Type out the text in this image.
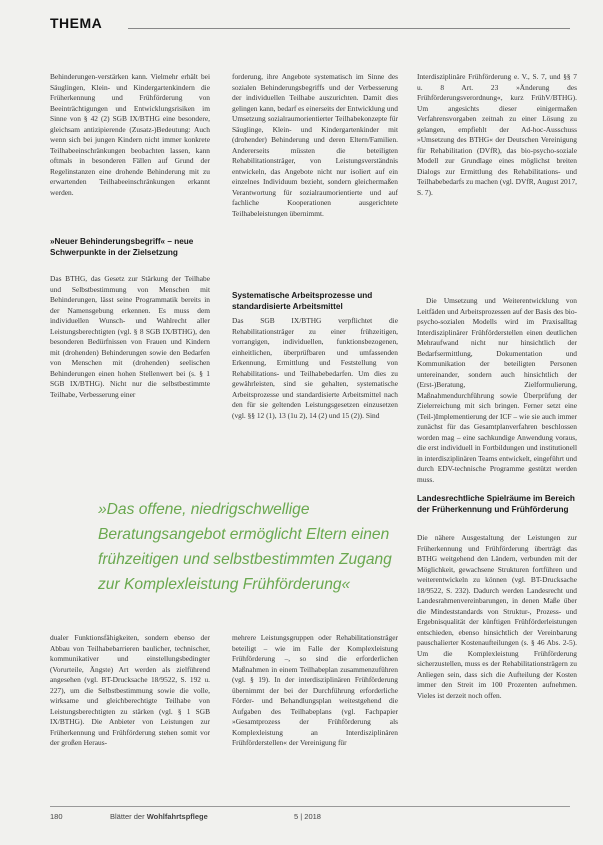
THEMA

Behinderungen-verstärken kann. Vielmehr erhält bei Säuglingen, Klein- und Kindergartenkindern die Früherkennung und Frühförderung von Beeinträchtigungen und Entwicklungsrisiken im Sinne von § 42 (2) SGB IX/BTHG eine besondere, gleichsam antizipierende (Zusatz-)Bedeutung: Auch wenn sich bei jungen Kindern nicht immer konkrete Teilhabeeinschränkungen beobachten lassen, kann oftmals in besonderen Fällen auf Grund der Regelinstanzen eine drohende Behinderung mit zu erwartenden Teilhabeeinschränkungen erkannt werden.

»Neuer Behinderungsbegriff« – neue Schwerpunkte in der Zielsetzung

Das BTHG, das Gesetz zur Stärkung der Teilhabe und Selbstbestimmung von Menschen mit Behinderungen, lässt seine Programmatik bereits in der Namensgebung erkennen. Es muss dem individuellen Wunsch- und Wahlrecht aller Leistungsberechtigten (vgl. § 8 SGB IX/BTHG), den besonderen Bedürfnissen von Frauen und Kindern mit (drohenden) Behinderungen sowie den Bedarfen von Menschen mit (drohenden) seelischen Behinderungen einen hohen Stellenwert bei (s. § 1 SGB IX/BTHG). Nicht nur die selbstbestimmte Teilhabe, Verbesserung einer

forderung, ihre Angebote systematisch im Sinne des sozialen Behinderungsbegriffs und der Verbesserung der individuellen Teilhabe auszurichten. Damit dies gelingen kann, bedarf es einerseits der Entwicklung und Umsetzung sozialraumorientierter Teilhabekonzepte für Säuglinge, Klein- und Kindergartenkinder mit (drohender) Behinderung und deren Eltern/Familien. Andererseits müssten die beteiligten Rehabilitationsträger, von Leistungsverständnis entwickeln, das Angebote nicht nur isoliert auf ein einzelnes Individuum bezieht, sondern gleichermaßen Verantwortung für sozialraumorientierte und auf fachliche Kooperationen ausgerichtete Teilhabeleistungen übernimmt.

Systematische Arbeitsprozesse und standardisierte Arbeitsmittel

Das SGB IX/BTHG verpflichtet die Rehabilitationsträger zu einer frühzeitigen, vorrangigen, individuellen, funktionsbezogenen, einheitlichen, überprüfbaren und umfassenden Erkennung, Ermittlung und Feststellung von Rehabilitations- und Teilhabebedarfen. Um dies zu gewährleisten, sind sie gehalten, systematische Arbeitsprozesse und standardisierte Arbeitsmittel nach den für sie geltenden Leistungsgesetzen einzusetzen (vgl. §§ 12 (1), 13 (1u 2), 14 (2) und 15 (2)). Sind

Interdisziplinäre Frühförderung e. V., S. 7, und §§ 7 u. 8 Art. 23 »Änderung des Frühförderungsverordnung«, kurz FrühV/BTHG). Um angesichts dieser einigermaßen Verfahrensvorgaben zeitnah zu einer Lösung zu gelangen, empfiehlt der Ad-hoc-Ausschuss »Umsetzung des BTHG« der Deutschen Vereinigung für Rehabilitation (DVfR), das bio-psycho-soziale Modell zur Grundlage eines möglichst breiten Dialogs zur Ermittlung des Rehabilitations- und Teilhabebedarfs zu machen (vgl. DVfR, August 2017, S. 7).

Die Umsetzung und Weiterentwicklung von Leitfäden und Arbeitsprozessen auf der Basis des bio-psycho-sozialen Modells wird im Praxisalltag Interdisziplinärer Frühförderstellen einen deutlichen Mehraufwand nicht nur hinsichtlich der Bedarfsermittlung, Dokumentation und Kommunikation der beteiligten Personen untereinander, sondern auch hinsichtlich der (Erst-)Beratung, Zielformulierung, Maßnahmendurchführung sowie Überprüfung der Zielerreichung mit sich bringen. Ferner setzt eine (Teil-)Implementierung der ICF – wie sie auch immer zunächst für das Gesamtplanverfahren beschlossen worden mag – eine sachkundige Anwendung voraus, die erst individuell in Fortbildungen und institutionell in interdisziplinären Teams entwickelt, eingeführt und durch EDV-technische Programme gestützt werden muss.

Landesrechtliche Spielräume im Bereich der Früherkennung und Frühförderung
»Das offene, niedrigschwellige Beratungsangebot ermöglicht Eltern einen frühzeitigen und selbstbestimmten Zugang zur Komplexleistung Frühförderung«

dualer Funktionsfähigkeiten, sondern ebenso der Abbau von Teilhabebarrieren baulicher, technischer, kommunikativer und einstellungsbedingter (Vorurteile, Ängste) Art werden als zielführend angesehen (vgl. BT-Drucksache 18/9522, S. 192 u. 227), um die Selbstbestimmung sowie die volle, wirksame und gleichberechtigte Teilhabe von Leistungsberechtigten zu stärken (vgl. § 1 SGB IX/BTHG). Die Anbieter von Leistungen zur Früherkennung und Frühförderung stehen somit vor der großen Heraus-

mehrere Leistungsgruppen oder Rehabilitationsträger beteiligt – wie im Falle der Komplexleistung Frühförderung –, so sind die erforderlichen Maßnahmen in einem Teilhabeplan zusammenzuführen (vgl. § 19). In der interdisziplinären Frühförderung übernimmt der bei der Durchführung erforderliche Förder- und Behandlungsplan weitestgehend die Aufgaben des Teilhabeplans (vgl. Fachpapier »Gesamtprozess der Frühförderung als Komplexleistung an Interdisziplinären Frühförderstellen« der Vereinigung für

Die nähere Ausgestaltung der Leistungen zur Früherkennung und Frühförderung überträgt das BTHG weitgehend den Ländern, verbunden mit der Möglichkeit, gewachsene Strukturen fortführen und weiterentwickeln zu können (vgl. BT-Drucksache 18/9522, S. 232). Dadurch werden Landesrecht und Landesrahmenvereinbarungen, in denen Maße über die Mindeststandards von Struktur-, Prozess- und Ergebnisqualität der künftigen Frühförderleistungen entschieden, ebenso hinsichtlich der Vereinbarung pauschalierter Kostenaufteilungen (s. § 46 Abs. 2-5). Um die Komplexleistung Frühförderung sicherzustellen, muss es der Rehabilitationsträgern zu Anliegen sein, dass sich die Aufteilung der Kosten immer den Streit im 100 Prozenten aufnehmen. Vieles ist derzeit noch offen.

180	Blätter der Wohlfahrtspflege	5 | 2018
